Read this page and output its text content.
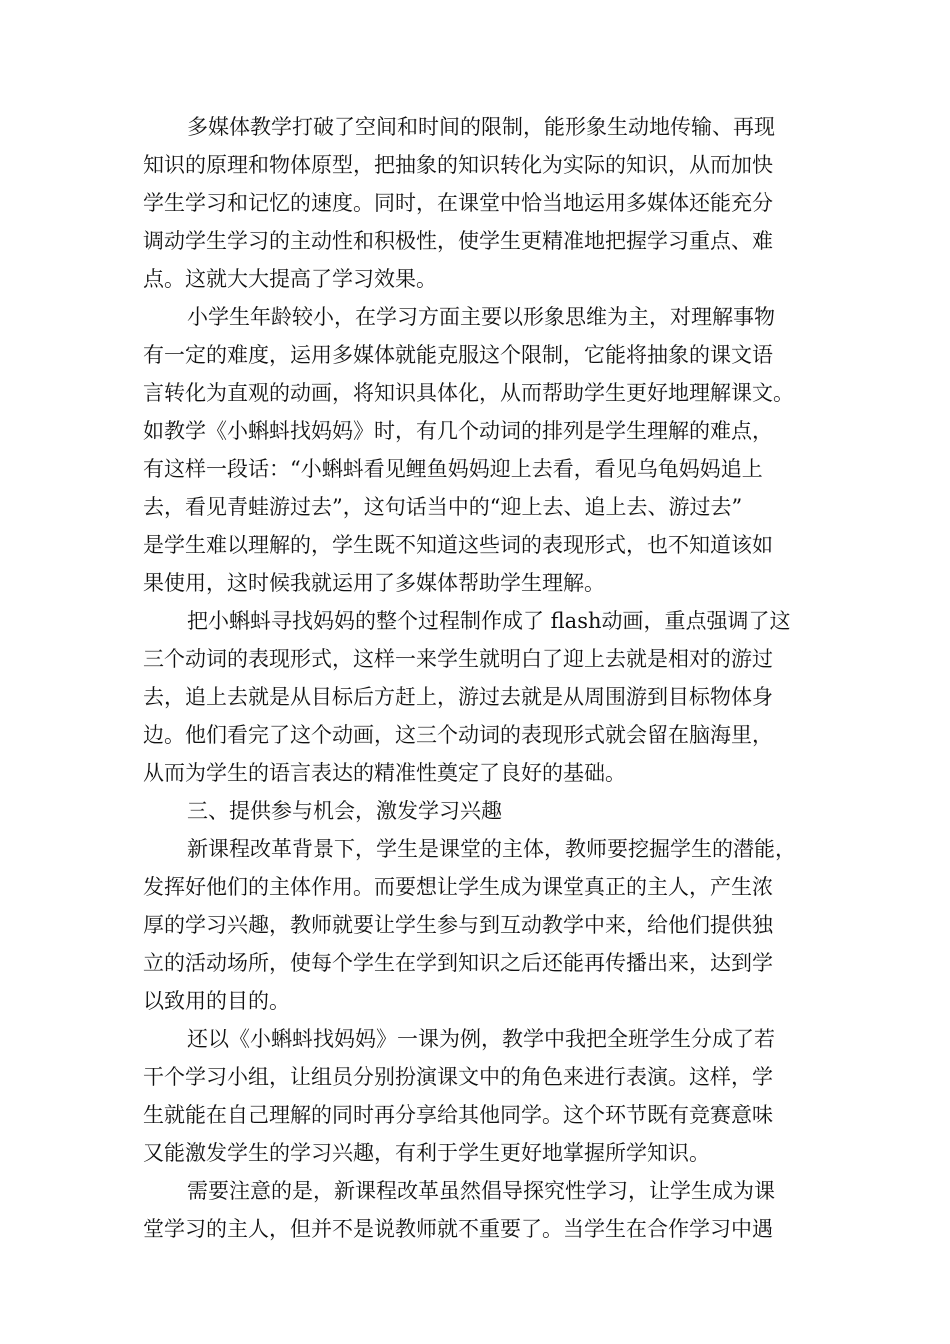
多媒体教学打破了空间和时间的限制，能形象生动地传输、再现
知识的原理和物体原型，把抽象的知识转化为实际的知识，从而加快
学生学习和记忆的速度。同时，在课堂中恰当地运用多媒体还能充分
调动学生学习的主动性和积极性，使学生更精准地把握学习重点、难
点。这就大大提高了学习效果。
小学生年龄较小，在学习方面主要以形象思维为主，对理解事物
有一定的难度，运用多媒体就能克服这个限制，它能将抽象的课文语
言转化为直观的动画，将知识具体化，从而帮助学生更好地理解课文。
如教学《小蝌蚪找妈妈》时，有几个动词的排列是学生理解的难点，
有这样一段话：“小蝌蚪看见鲤鱼妈妈迎上去看，看见乌龟妈妈追上
去，看见青蛙游过去”，这句话当中的“迎上去、追上去、游过去”
是学生难以理解的，学生既不知道这些词的表现形式，也不知道该如
果使用，这时候我就运用了多媒体帮助学生理解。
把小蝌蚪寻找妈妈的整个过程制作成了 flash动画，重点强调了这
三个动词的表现形式，这样一来学生就明白了迎上去就是相对的游过
去，追上去就是从目标后方赶上，游过去就是从周围游到目标物体身
边。他们看完了这个动画，这三个动词的表现形式就会留在脑海里，
从而为学生的语言表达的精准性奠定了良好的基础。
三、提供参与机会，激发学习兴趣
新课程改革背景下，学生是课堂的主体，教师要挖掘学生的潜能，
发挥好他们的主体作用。而要想让学生成为课堂真正的主人，产生浓
厚的学习兴趣，教师就要让学生参与到互动教学中来，给他们提供独
立的活动场所，使每个学生在学到知识之后还能再传播出来，达到学
以致用的目的。
还以《小蝌蚪找妈妈》一课为例，教学中我把全班学生分成了若
干个学习小组，让组员分别扮演课文中的角色来进行表演。这样，学
生就能在自己理解的同时再分享给其他同学。这个环节既有竞赛意味
又能激发学生的学习兴趣，有利于学生更好地掌握所学知识。
需要注意的是，新课程改革虽然倡导探究性学习，让学生成为课
堂学习的主人，但并不是说教师就不重要了。当学生在合作学习中遇
